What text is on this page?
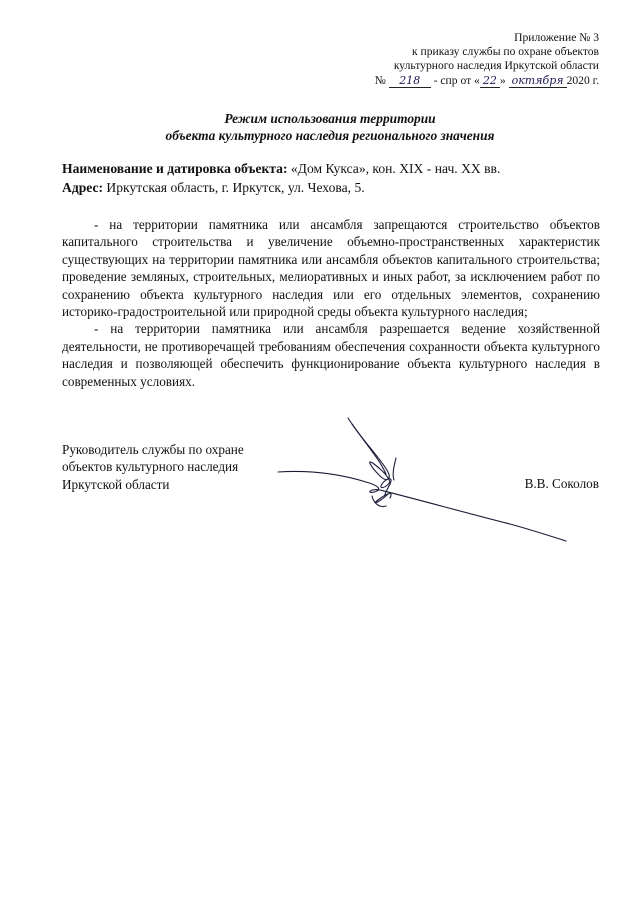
Приложение № 3
к приказу службы по охране объектов
культурного наследия Иркутской области
№ 218 - спр от « 22 » октября 2020 г.
Режим использования территории
объекта культурного наследия регионального значения
Наименование и датировка объекта: «Дом Кукса», кон. XIX - нач. XX вв.
Адрес: Иркутская область, г. Иркутск, ул. Чехова, 5.

- на территории памятника или ансамбля запрещаются строительство объектов капитального строительства и увеличение объемно-пространственных характеристик существующих на территории памятника или ансамбля объектов капитального строительства; проведение земляных, строительных, мелиоративных и иных работ, за исключением работ по сохранению объекта культурного наследия или его отдельных элементов, сохранению историко-градостроительной или природной среды объекта культурного наследия;

- на территории памятника или ансамбля разрешается ведение хозяйственной деятельности, не противоречащей требованиям обеспечения сохранности объекта культурного наследия и позволяющей обеспечить функционирование объекта культурного наследия в современных условиях.

Руководитель службы по охране
объектов культурного наследия
Иркутской области	В.В. Соколов
